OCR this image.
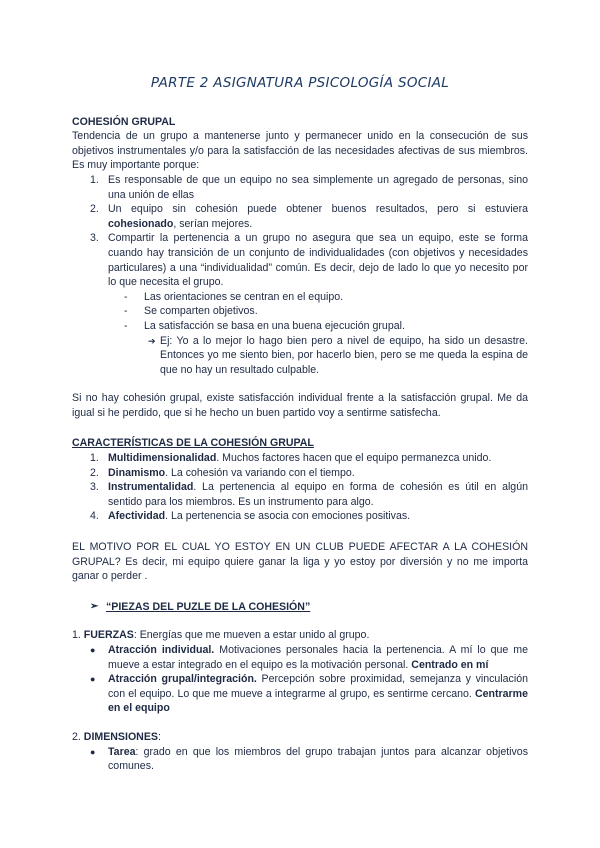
PARTE 2 ASIGNATURA PSICOLOGÍA SOCIAL

COHESIÓN GRUPAL

Tendencia de un grupo a mantenerse junto y permanecer unido en la consecución de sus objetivos instrumentales y/o para la satisfacción de las necesidades afectivas de sus miembros. Es muy importante porque:

1. Es responsable de que un equipo no sea simplemente un agregado de personas, sino una unión de ellas
2. Un equipo sin cohesión puede obtener buenos resultados, pero si estuviera cohesionado, serían mejores.
3. Compartir la pertenencia a un grupo no asegura que sea un equipo, este se forma cuando hay transición de un conjunto de individualidades (con objetivos y necesidades particulares) a una “individualidad” común. Es decir, dejo de lado lo que yo necesito por lo que necesita el grupo.
- Las orientaciones se centran en el equipo.
- Se comparten objetivos.
- La satisfacción se basa en una buena ejecución grupal.
➔ Ej: Yo a lo mejor lo hago bien pero a nivel de equipo, ha sido un desastre. Entonces yo me siento bien, por hacerlo bien, pero se me queda la espina de que no hay un resultado culpable.

Si no hay cohesión grupal, existe satisfacción individual frente a la satisfacción grupal. Me da igual si he perdido, que si he hecho un buen partido voy a sentirme satisfecha.

CARACTERÍSTICAS DE LA COHESIÓN GRUPAL

1. Multidimensionalidad. Muchos factores hacen que el equipo permanezca unido.
2. Dinamismo. La cohesión va variando con el tiempo.
3. Instrumentalidad. La pertenencia al equipo en forma de cohesión es útil en algún sentido para los miembros. Es un instrumento para algo.
4. Afectividad. La pertenencia se asocia con emociones positivas.

EL MOTIVO POR EL CUAL YO ESTOY EN UN CLUB PUEDE AFECTAR A LA COHESIÓN GRUPAL? Es decir, mi equipo quiere ganar la liga y yo estoy por diversión y no me importa ganar o perder .

➢ “PIEZAS DEL PUZLE DE LA COHESIÓN”

1. FUERZAS: Energías que me mueven a estar unido al grupo.

● Atracción individual. Motivaciones personales hacia la pertenencia. A mí lo que me mueve a estar integrado en el equipo es la motivación personal. Centrado en mí
● Atracción grupal/integración. Percepción sobre proximidad, semejanza y vinculación con el equipo. Lo que me mueve a integrarme al grupo, es sentirme cercano. Centrarme en el equipo

2. DIMENSIONES:

● Tarea: grado en que los miembros del grupo trabajan juntos para alcanzar objetivos comunes.
